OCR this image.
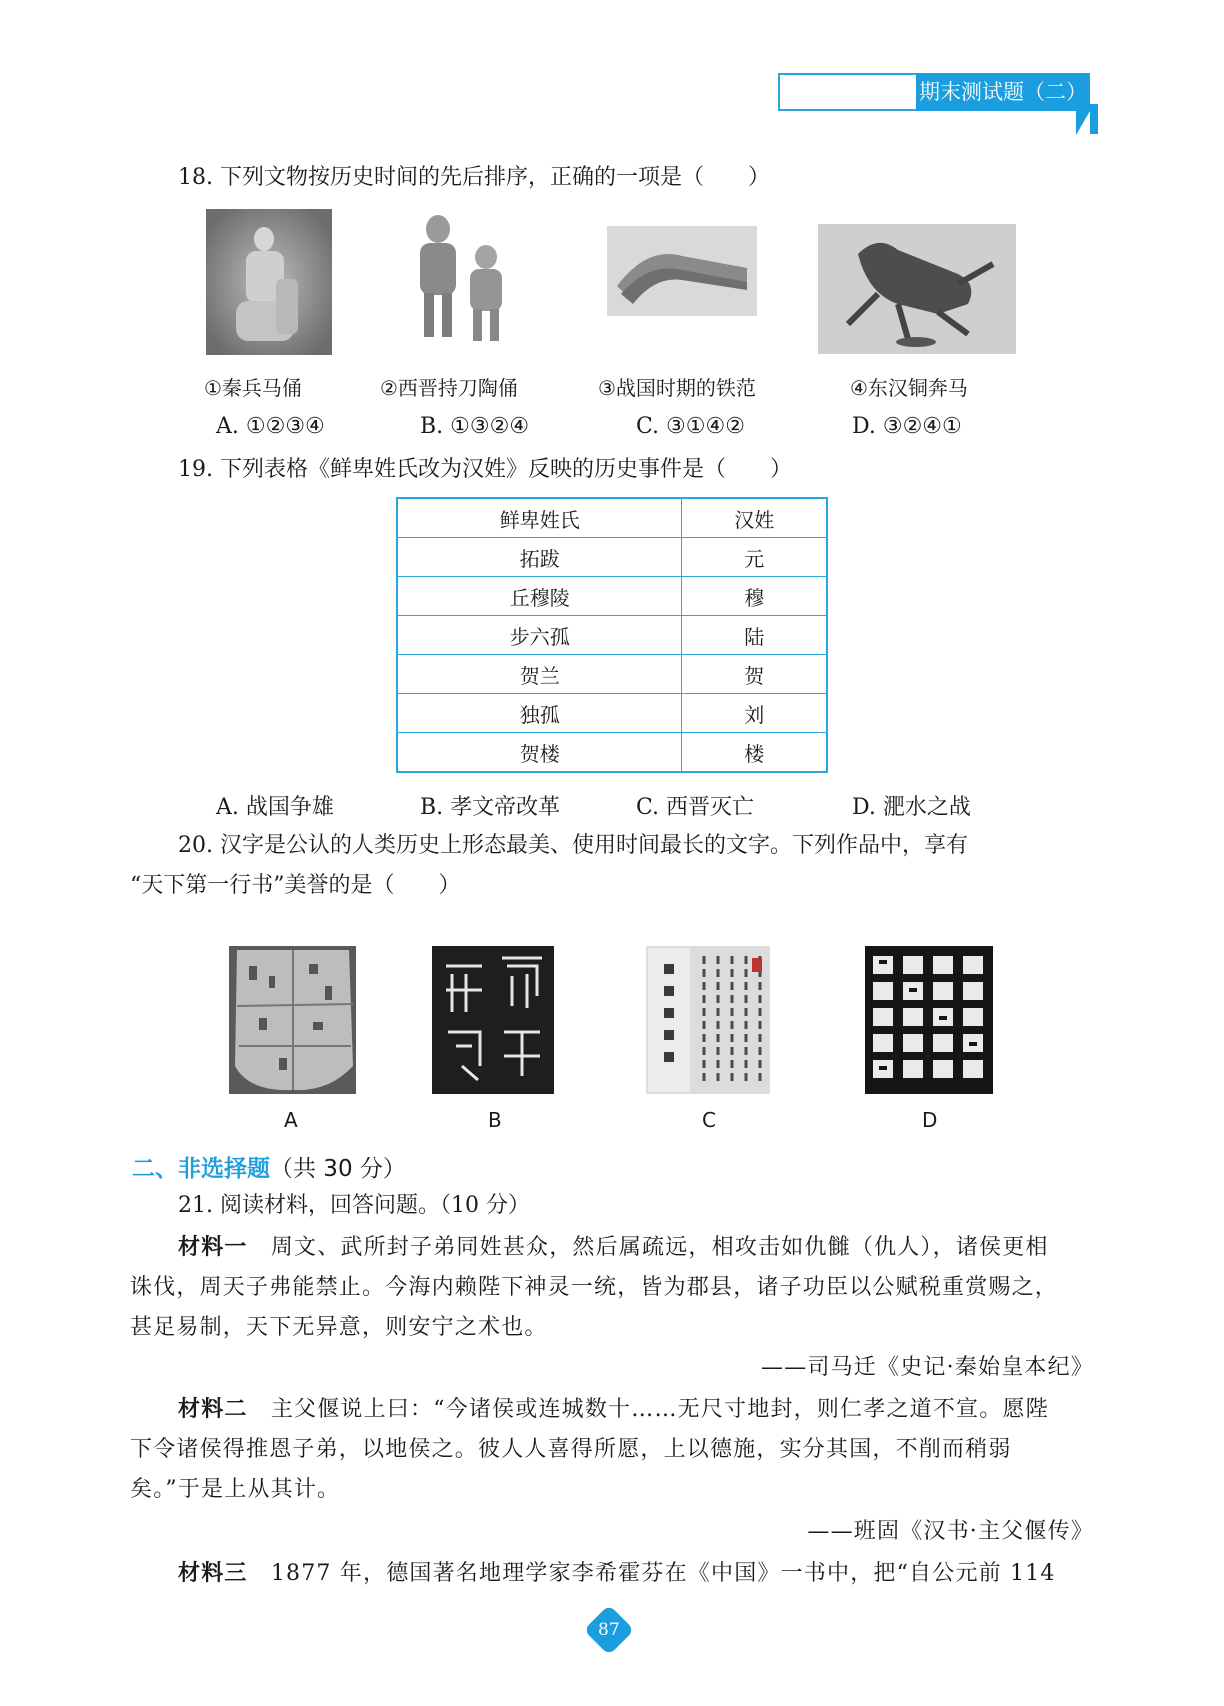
期末测试题（二）
18. 下列文物按历史时间的先后排序，正确的一项是（　　）
①秦兵马俑	②西晋持刀陶俑	③战国时期的铁范	④东汉铜奔马
A. ①②③④	B. ①③②④	C. ③①④②	D. ③②④①
19. 下列表格《鲜卑姓氏改为汉姓》反映的历史事件是（　　）
鲜卑姓氏	汉姓
拓跋	元
丘穆陵	穆
步六孤	陆
贺兰	贺
独孤	刘
贺楼	楼
A. 战国争雄	B. 孝文帝改革	C. 西晋灭亡	D. 淝水之战
20. 汉字是公认的人类历史上形态最美、使用时间最长的文字。下列作品中，享有
“天下第一行书”美誉的是（　　）
A	B	C	D
二、非选择题（共 30 分）
21. 阅读材料，回答问题。（10 分）
材料一　 周文、武所封子弟同姓甚众，然后属疏远，相攻击如仇雠（仇人），诸侯更相
诛伐，周天子弗能禁止。今海内赖陛下神灵一统，皆为郡县，诸子功臣以公赋税重赏赐之，
甚足易制，天下无异意，则安宁之术也。
——司马迁《史记·秦始皇本纪》
材料二　 主父偃说上曰：“今诸侯或连城数十……无尺寸地封，则仁孝之道不宣。愿陛
下令诸侯得推恩子弟，以地侯之。彼人人喜得所愿，上以德施，实分其国，不削而稍弱
矣。”于是上从其计。
——班固《汉书·主父偃传》
材料三　 1877 年，德国著名地理学家李希霍芬在《中国》一书中，把“自公元前 114
87
